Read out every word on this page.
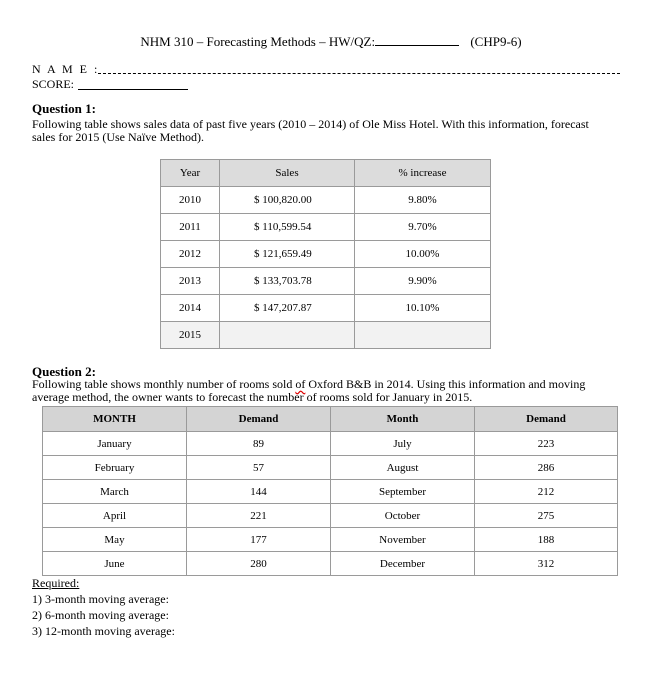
NHM 310 – Forecasting Methods – HW/QZ:	(CHP9-6)
N A M E :
SCORE:
Question 1:
Following table shows sales data of past five years (2010 – 2014) of Ole Miss Hotel. With this information, forecast
sales for 2015 (Use Naïve Method).
Year	Sales	% increase
2010	$ 100,820.00	9.80%
2011	$ 110,599.54	9.70%
2012	$ 121,659.49	10.00%
2013	$ 133,703.78	9.90%
2014	$ 147,207.87	10.10%
2015		
Question 2:
Following table shows monthly number of rooms sold of Oxford B&B in 2014. Using this information and moving
average method, the owner wants to forecast the number of rooms sold for January in 2015.
MONTH	Demand	Month	Demand
January	89	July	223
February	57	August	286
March	144	September	212
April	221	October	275
May	177	November	188
June	280	December	312
Required:
1) 3-month moving average:
2) 6-month moving average:
3) 12-month moving average:
